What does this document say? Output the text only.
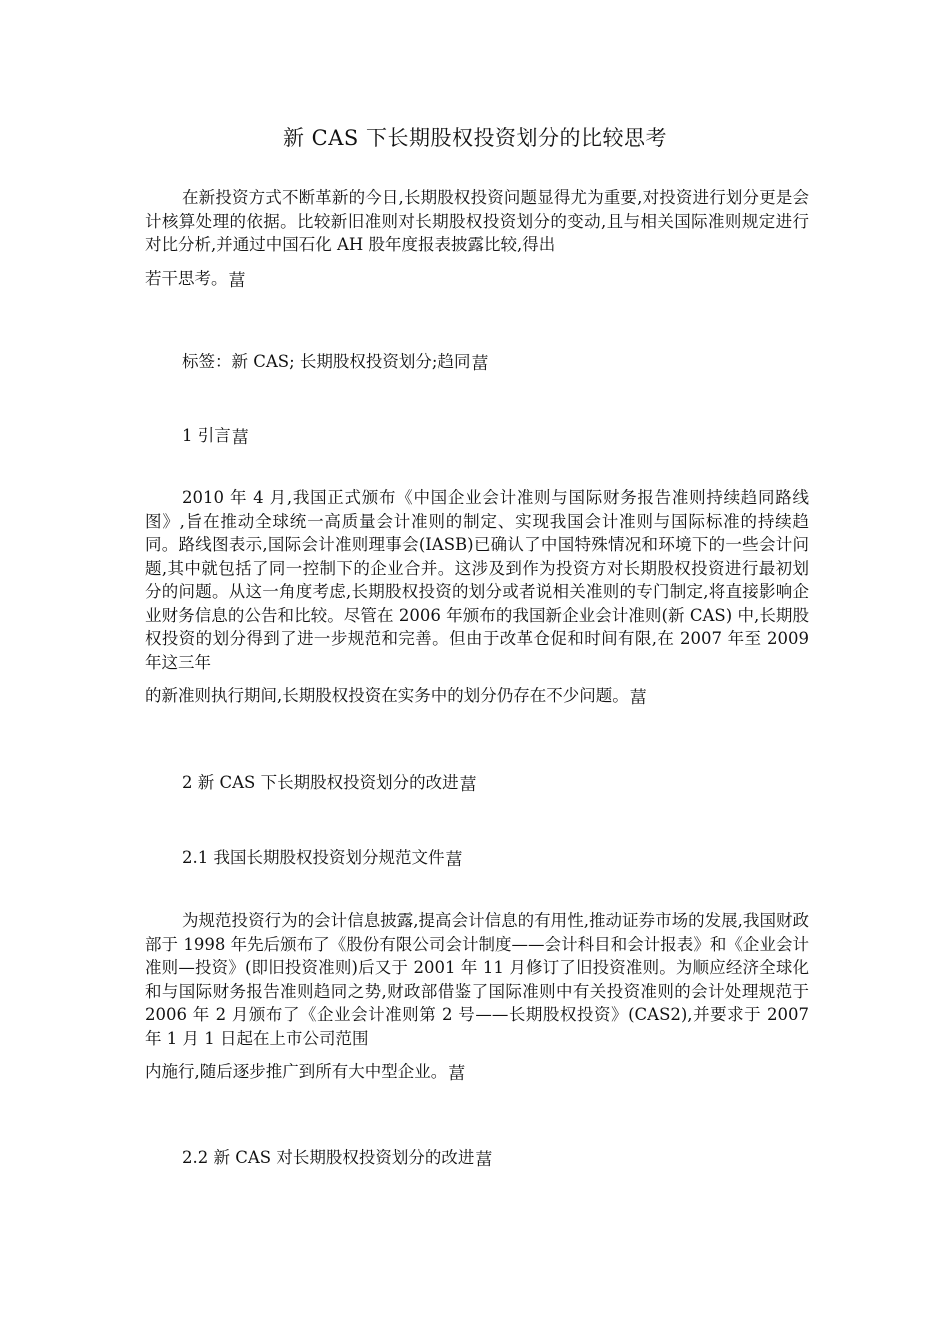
新 CAS 下长期股权投资划分的比较思考
在新投资方式不断革新的今日,长期股权投资问题显得尤为重要,对投资进行划分更是会计核算处理的依据。比较新旧准则对长期股权投资划分的变动,且与相关国际准则规定进行对比分析,并通过中国石化 AH 股年度报表披露比较,得出
若干思考。葍
标签：新 CAS; 长期股权投资划分;趋同葍
1 引言葍
2010 年 4 月,我国正式颁布《中国企业会计准则与国际财务报告准则持续趋同路线图》,旨在推动全球统一高质量会计准则的制定、实现我国会计准则与国际标准的持续趋同。路线图表示,国际会计准则理事会(IASB)已确认了中国特殊情况和环境下的一些会计问题,其中就包括了同一控制下的企业合并。这涉及到作为投资方对长期股权投资进行最初划分的问题。从这一角度考虑,长期股权投资的划分或者说相关准则的专门制定,将直接影响企业财务信息的公告和比较。尽管在 2006 年颁布的我国新企业会计准则(新 CAS) 中,长期股权投资的划分得到了进一步规范和完善。但由于改革仓促和时间有限,在 2007 年至 2009 年这三年
的新准则执行期间,长期股权投资在实务中的划分仍存在不少问题。葍
2 新 CAS 下长期股权投资划分的改进葍
2.1 我国长期股权投资划分规范文件葍
为规范投资行为的会计信息披露,提高会计信息的有用性,推动证券市场的发展,我国财政部于 1998 年先后颁布了《股份有限公司会计制度——会计科目和会计报表》和《企业会计准则—投资》(即旧投资准则)后又于 2001 年 11 月修订了旧投资准则。为顺应经济全球化和与国际财务报告准则趋同之势,财政部借鉴了国际准则中有关投资准则的会计处理规范于 2006 年 2 月颁布了《企业会计准则第 2 号——长期股权投资》(CAS2),并要求于 2007 年 1 月 1 日起在上市公司范围
内施行,随后逐步推广到所有大中型企业。葍
2.2 新 CAS 对长期股权投资划分的改进葍
